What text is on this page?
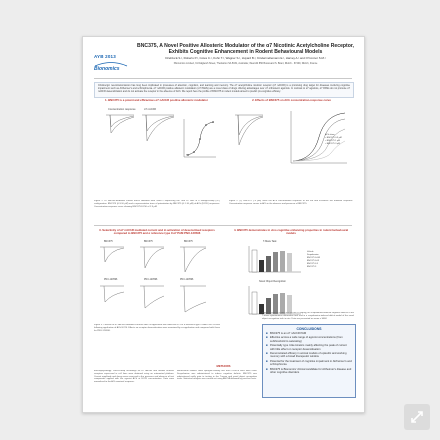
AYB 2013
Bionomics
BNC375, A Novel Positive Allosteric Modulator of the α7 Nicotinic Acetylcholine Receptor, Exhibits Cognitive Enhancement in Rodent Behavioural Models

Dzeliza E.S.¹, Roberts P.¹, Cotes C.¹, Kuhn T.¹, Wagner S.¹, Huyard B.¹, Kindermellemann E.¹, Harvey A.¹ and O'Connor S.M.¹

¹Bionomics Limited, 31 Dalgleish Street, Thebarton SA 5031, Australia; ²Neurofit 850 Boulevard S. Brant, Illkirch - 67400, Illkirch, France

Cholinergic neurotransmission has long been implicated in processes of attention, cognition, and learning and memory. The α7 acetylcholine nicotinic receptor (α7 nAChR) is a promising drug target for diseases involving cognitive impairment such as Alzheimer's and schizophrenia. α7 nAChR positive allosteric modulators (α7 PAMs) are a novel class of drugs offering advantages over α7 orthosteric agonists. In contrast to α7 agonists, α7 PAMs do not promote α7 nAChR desensitization and do not activate the receptor in the absence of ACh. We report here the profile of BNC375 in rodent models aimed to predict pro-cognitive efficacy.

1. BNC375 is a potent and efficacious α7 nAChR positive allosteric modulator

Concentration response	α7 nAChR

Figure 1. α7 nAChR-mediated current traces obtained from GH4C1 expressing hα7 and α7 cells in a voltage-clamp (VC) configuration. BNC375 (0.3-10 μM) and a representative trace of potentiation by BNC375 (0.1-10 μM) of ACh (EC20) responses. Concentration-response curve showing BNC375 EC50 of 1.9 μM.

2. Effects of BNC375 on ACh concentration-response curve

ACh alone
+ BNC375 0.3 μM
+ BNC375 1 μM
+ BNC375 3 μM

Figure 2. (L) BNC375 (~3 μM) shifts the ACh concentration response to the left and increases the maximal response. Concentration response curves to ACh in the absence and presence of BNC375.

3. Selectivity of α7 nAChR mediated current and in activation of desensitised receptors compared to BNC375 and α reference type II α7 PAM PNU-120596

BNC375	BNC375	BNC375
PNU-120596	PNU-120596	PNU-120596

Figure 3. Currents of α7 nAChR mediated currents after co-application with PAM BNC375 or a reference type II PAM PNU-120596 following application of ACh EC20. Effects on receptor desensitisation were examined by co-application and compared with those for PNU-120596.

4. BNC375 demonstrates in vivo cognitive enhancing properties in rodent behavioural models

T-Maze Task
Vehicle
Scopolamine
BNC375 0.003
BNC375 0.03
BNC375 0.3
BNC375 3
Novel Object Recognition

Figure 4. Effects of BNC375 (0.003-10 mg/kg) on scopolamine-induced cognitive deficits in the T-maze spontaneous alternation task and in a scopolamine-induced deficit model of the novel object recognition task in rats. Data are presented as mean ± SEM.

METHODS

Electrophysiology: Patch-clamp recordings on α7 nAChR and related nicotinic receptors expressed in cell lines were obtained using an automated platform. Current amplitude and decay were assessed in the presence and absence of test compounds applied with the agonist ACh at EC20 concentration. Data were normalised to the ACh maximal response.

Behavioural studies: Male Sprague-Dawley rats and C57BL/6 mice were used. Scopolamine was administered to induce cognitive deficits. BNC375 was administered orally prior to testing in the T-maze and novel object recognition tasks. Statistical analysis was carried out using ANOVA followed by post-hoc tests.

CONCLUSIONS
■ BNC375 is an α7 nAChR PAM
■ Effective across a wide range of agonist concentrations (from subthreshold to saturating)
■ Potentially type I-like kinetics mainly affecting the peak of current with little effect on receptor desensitisation
■ Demonstrated efficacy in animal models of episodic and working memory with a broad therapeutic window
■ Potential for the treatment of cognitive impairment in Alzheimer's and schizophrenia
■ BNC375 is Bionomics' clinical candidate for Alzheimer's disease and other cognitive disorders
